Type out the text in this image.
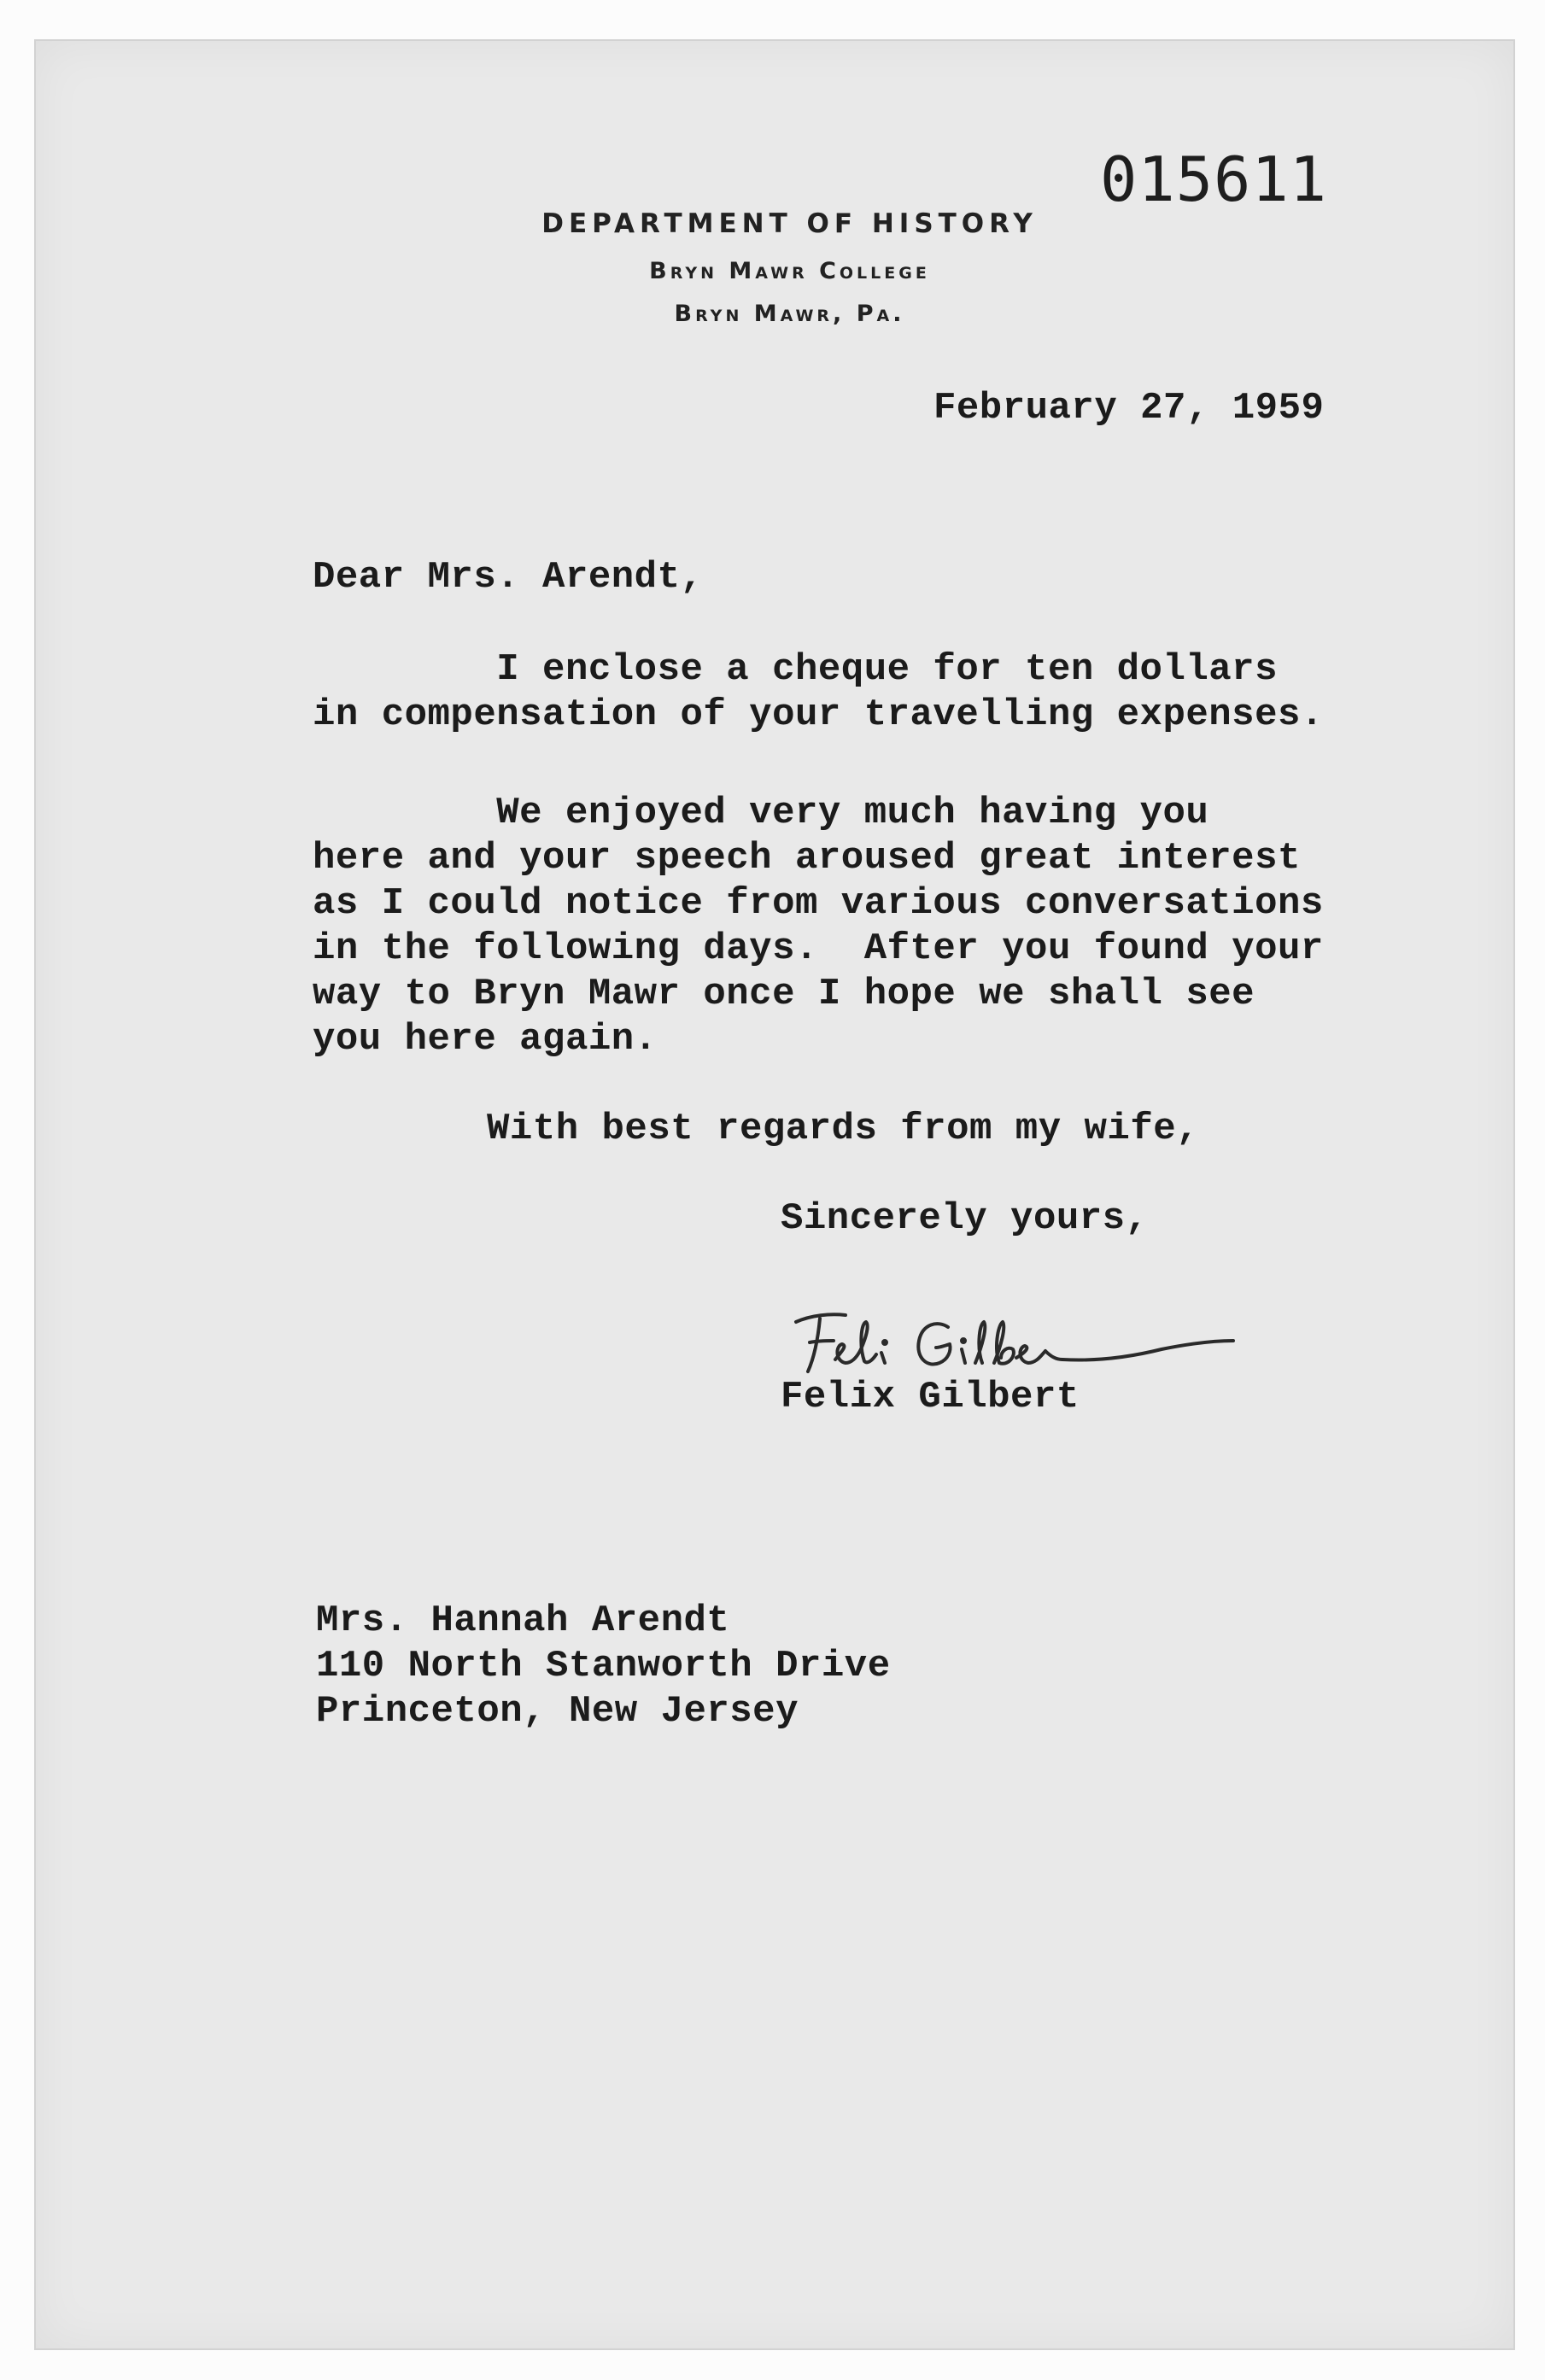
015611
DEPARTMENT OF HISTORY
Bryn Mawr College
Bryn Mawr, Pa.
February 27, 1959
Dear Mrs. Arendt,
I enclose a cheque for ten dollars
in compensation of your travelling expenses.
We enjoyed very much having you
here and your speech aroused great interest
as I could notice from various conversations
in the following days.  After you found your
way to Bryn Mawr once I hope we shall see
you here again.
With best regards from my wife,
Sincerely yours,
Felix Gilbert
Mrs. Hannah Arendt
110 North Stanworth Drive
Princeton, New Jersey
